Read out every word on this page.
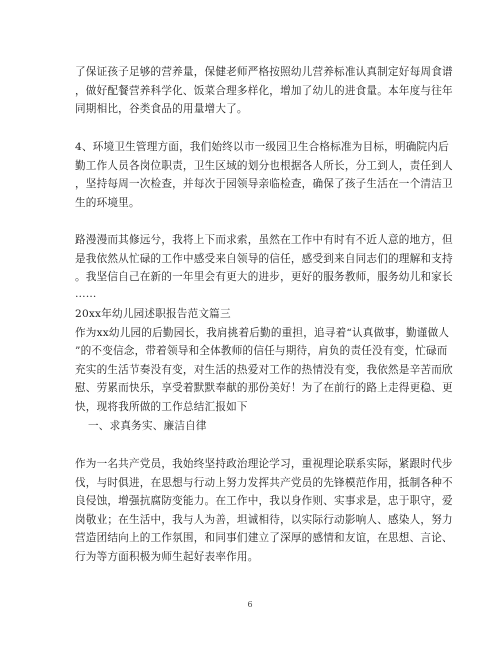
了保证孩子足够的营养量，保健老师严格按照幼儿营养标准认真制定好每周食谱
，做好配餐营养科学化、饭菜合理多样化，增加了幼儿的进食量。本年度与往年
同期相比，谷类食品的用量增大了。
4、环境卫生管理方面，我们始终以市一级园卫生合格标准为目标，明确院内后
勤工作人员各岗位职责，卫生区域的划分也根据各人所长，分工到人，责任到人
，坚持每周一次检查，并每次于园领导亲临检查，确保了孩子生活在一个清洁卫
生的环境里。
路漫漫而其修远兮，我将上下而求索，虽然在工作中有时有不近人意的地方，但
是我依然从忙碌的工作中感受来自领导的信任，感受到来自同志们的理解和支持
。我坚信自己在新的一年里会有更大的进步，更好的服务教师，服务幼儿和家长
……
20xx年幼儿园述职报告范文篇三
作为xx幼儿园的后勤园长，我肩挑着后勤的重担，追寻着“认真做事，勤谨做人
”的不变信念，带着领导和全体教师的信任与期待，肩负的责任没有变，忙碌而
充实的生活节奏没有变，对生活的热爱对工作的热情没有变，我依然是辛苦而欣
慰、劳累而快乐，享受着默默奉献的那份美好！为了在前行的路上走得更稳、更
快，现将我所做的工作总结汇报如下
一、求真务实、廉洁自律
作为一名共产党员，我始终坚持政治理论学习，重视理论联系实际，紧跟时代步
伐，与时俱进，在思想与行动上努力发挥共产党员的先锋模范作用，抵制各种不
良侵蚀，增强抗腐防变能力。在工作中，我以身作则、实事求是，忠于职守，爱
岗敬业；在生活中，我与人为善，坦诚相待，以实际行动影响人、感染人，努力
营造团结向上的工作氛围，和同事们建立了深厚的感情和友谊，在思想、言论、
行为等方面积极为师生起好表率作用。
6
